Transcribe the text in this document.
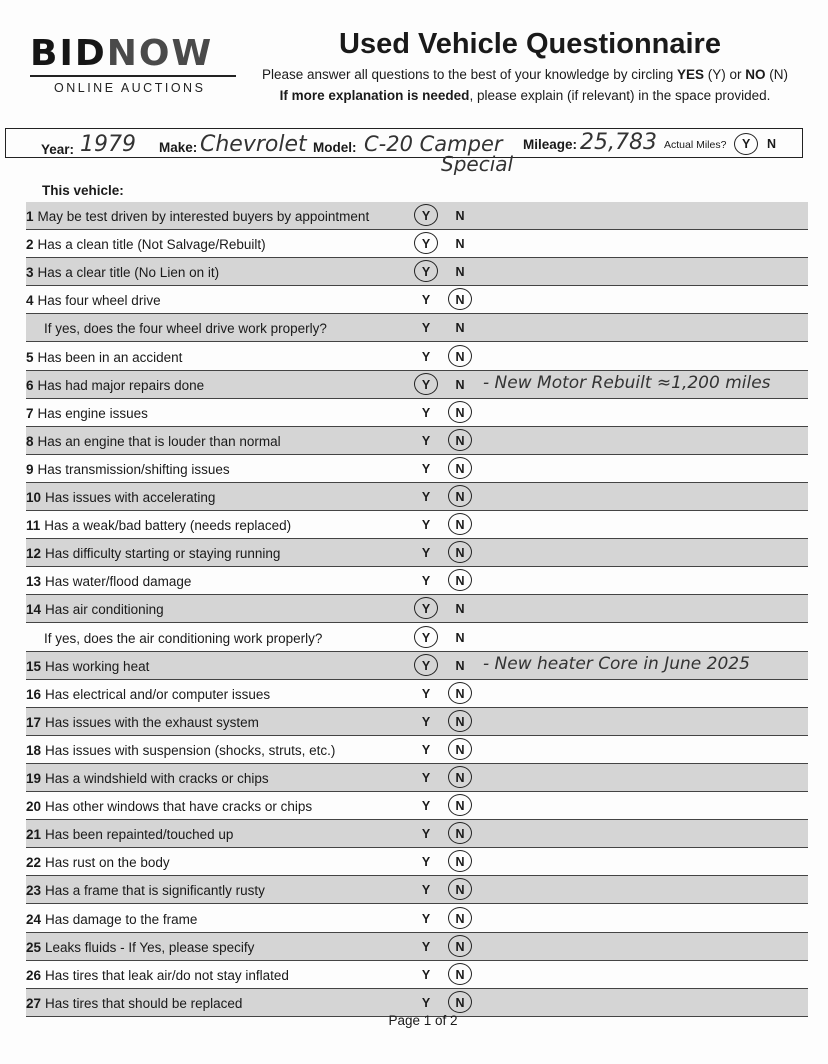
BIDNOW
ONLINE AUCTIONS
Used Vehicle Questionnaire
Please answer all questions to the best of your knowledge by circling YES (Y) or NO (N)
If more explanation is needed, please explain (if relevant) in the space provided.
Year: 1979 Make: Chevrolet Model: C-20 Camper
Special
Mileage: 25,783 Actual Miles? Y N
This vehicle:
1 May be test driven by interested buyers by appointment	Y N
2 Has a clean title (Not Salvage/Rebuilt)	Y N
3 Has a clear title (No Lien on it)	Y N
4 Has four wheel drive	Y N
If yes, does the four wheel drive work properly?	Y N
5 Has been in an accident	Y N
6 Has had major repairs done	Y N - New Motor Rebuilt ≈1,200 miles
7 Has engine issues	Y N
8 Has an engine that is louder than normal	Y N
9 Has transmission/shifting issues	Y N
10 Has issues with accelerating	Y N
11 Has a weak/bad battery (needs replaced)	Y N
12 Has difficulty starting or staying running	Y N
13 Has water/flood damage	Y N
14 Has air conditioning	Y N
If yes, does the air conditioning work properly?	Y N
15 Has working heat	Y N - New heater Core in June 2025
16 Has electrical and/or computer issues	Y N
17 Has issues with the exhaust system	Y N
18 Has issues with suspension (shocks, struts, etc.)	Y N
19 Has a windshield with cracks or chips	Y N
20 Has other windows that have cracks or chips	Y N
21 Has been repainted/touched up	Y N
22 Has rust on the body	Y N
23 Has a frame that is significantly rusty	Y N
24 Has damage to the frame	Y N
25 Leaks fluids - If Yes, please specify	Y N
26 Has tires that leak air/do not stay inflated	Y N
27 Has tires that should be replaced	Y N
Page 1 of 2
